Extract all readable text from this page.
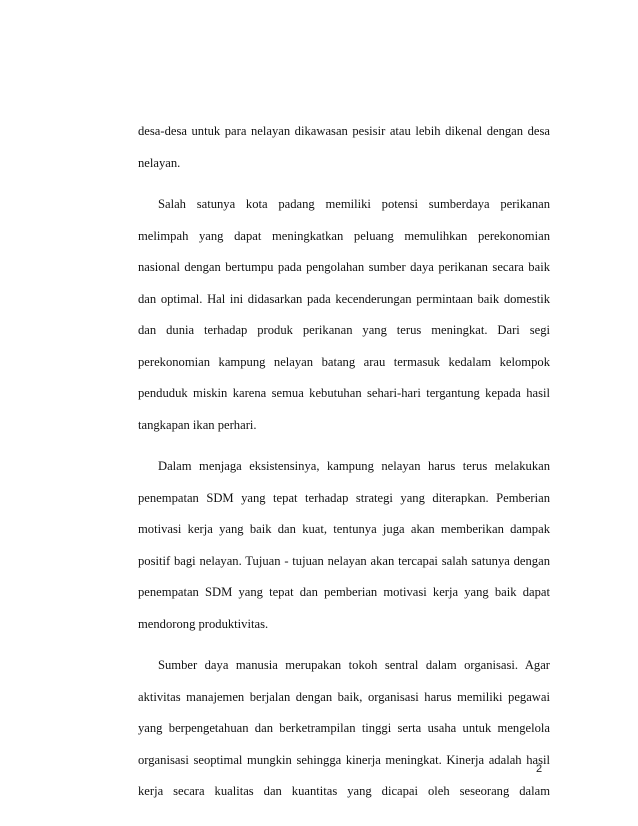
desa-desa untuk para nelayan dikawasan pesisir atau lebih dikenal dengan desa nelayan.

Salah satunya kota padang memiliki potensi sumberdaya perikanan melimpah yang dapat meningkatkan peluang memulihkan perekonomian nasional dengan bertumpu pada pengolahan sumber daya perikanan secara baik dan optimal. Hal ini didasarkan pada kecenderungan permintaan baik domestik dan dunia terhadap produk perikanan yang terus meningkat. Dari segi perekonomian kampung nelayan batang arau termasuk kedalam kelompok penduduk miskin karena semua kebutuhan sehari-hari tergantung kepada hasil tangkapan ikan perhari.

Dalam menjaga eksistensinya, kampung nelayan harus terus melakukan penempatan SDM yang tepat terhadap strategi yang diterapkan. Pemberian motivasi kerja yang baik dan kuat, tentunya juga akan memberikan dampak positif bagi nelayan. Tujuan - tujuan nelayan akan tercapai salah satunya dengan penempatan SDM yang tepat dan pemberian motivasi kerja yang baik dapat mendorong produktivitas.

Sumber daya manusia merupakan tokoh sentral dalam organisasi. Agar aktivitas manajemen berjalan dengan baik, organisasi harus memiliki pegawai yang berpengetahuan dan berketrampilan tinggi serta usaha untuk mengelola organisasi seoptimal mungkin sehingga kinerja meningkat. Kinerja adalah hasil kerja secara kualitas dan kuantitas yang dicapai oleh seseorang dalam

2
